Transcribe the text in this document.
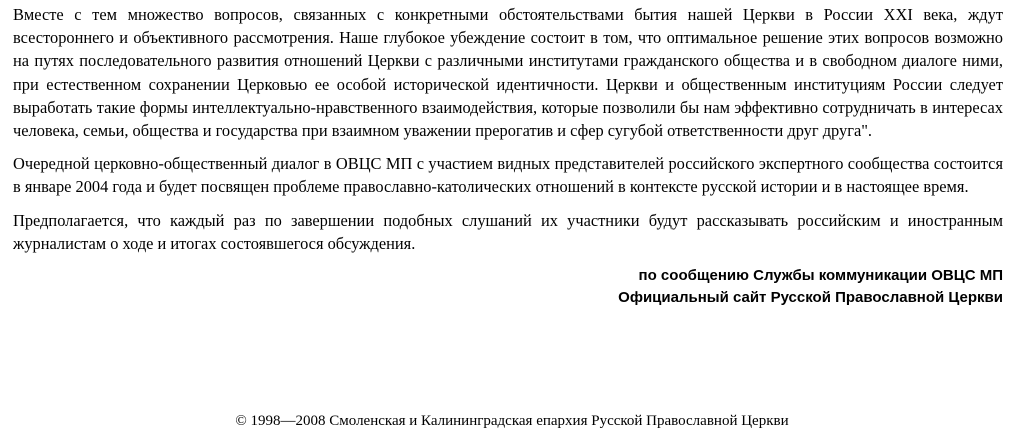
Вместе с тем множество вопросов, связанных с конкретными обстоятельствами бытия нашей Церкви в России XXI века, ждут всестороннего и объективного рассмотрения. Наше глубокое убеждение состоит в том, что оптимальное решение этих вопросов возможно на путях последовательного развития отношений Церкви с различными институтами гражданского общества и в свободном диалоге ними, при естественном сохранении Церковью ее особой исторической идентичности. Церкви и общественным институциям России следует выработать такие формы интеллектуально-нравственного взаимодействия, которые позволили бы нам эффективно сотрудничать в интересах человека, семьи, общества и государства при взаимном уважении прерогатив и сфер сугубой ответственности друг друга".

Очередной церковно-общественный диалог в ОВЦС МП с участием видных представителей российского экспертного сообщества состоится в январе 2004 года и будет посвящен проблеме православно-католических отношений в контексте русской истории и в настоящее время.

Предполагается, что каждый раз по завершении подобных слушаний их участники будут рассказывать российским и иностранным журналистам о ходе и итогах состоявшегося обсуждения.

по сообщению Службы коммуникации ОВЦС МП
Официальный сайт Русской Православной Церкви
© 1998—2008 Смоленская и Калининградская епархия Русской Православной Церкви
